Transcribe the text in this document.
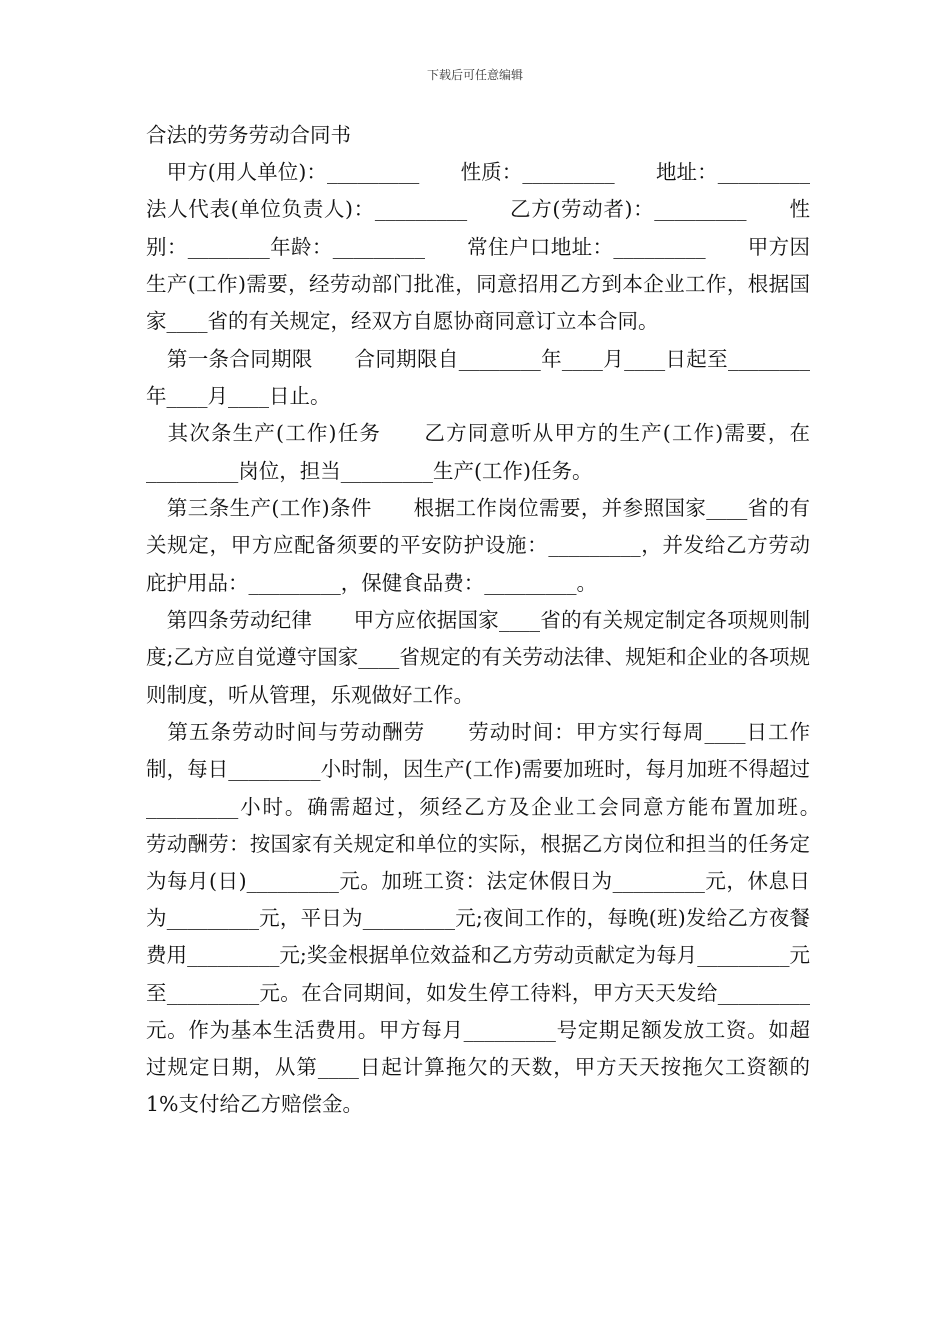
下载后可任意编辑

合法的劳务劳动合同书

　甲方(用人单位)：_________　　性质：_________　　地址：_________　　法人代表(单位负责人)：_________　　乙方(劳动者)：_________　　性别：________年龄：_________　　常住户口地址：_________　　甲方因生产(工作)需要，经劳动部门批准，同意招用乙方到本企业工作，根据国家____省的有关规定，经双方自愿协商同意订立本合同。

　第一条合同期限　　合同期限自________年____月____日起至________年____月____日止。

　其次条生产(工作)任务　　乙方同意听从甲方的生产(工作)需要，在_________岗位，担当_________生产(工作)任务。

　第三条生产(工作)条件　　根据工作岗位需要，并参照国家____省的有关规定，甲方应配备须要的平安防护设施：_________，并发给乙方劳动庇护用品：_________，保健食品费：_________。

　第四条劳动纪律　　甲方应依据国家____省的有关规定制定各项规则制度;乙方应自觉遵守国家____省规定的有关劳动法律、规矩和企业的各项规则制度，听从管理，乐观做好工作。

　第五条劳动时间与劳动酬劳　　劳动时间：甲方实行每周____日工作制，每日_________小时制，因生产(工作)需要加班时，每月加班不得超过_________小时。确需超过，须经乙方及企业工会同意方能布置加班。　　劳动酬劳：按国家有关规定和单位的实际，根据乙方岗位和担当的任务定为每月(日)_________元。加班工资：法定休假日为_________元，休息日为_________元，平日为_________元;夜间工作的，每晚(班)发给乙方夜餐费用_________元;奖金根据单位效益和乙方劳动贡献定为每月_________元至_________元。在合同期间，如发生停工待料，甲方天天发给_________元。作为基本生活费用。甲方每月_________号定期足额发放工资。如超过规定日期，从第____日起计算拖欠的天数，甲方天天按拖欠工资额的 1%支付给乙方赔偿金。
